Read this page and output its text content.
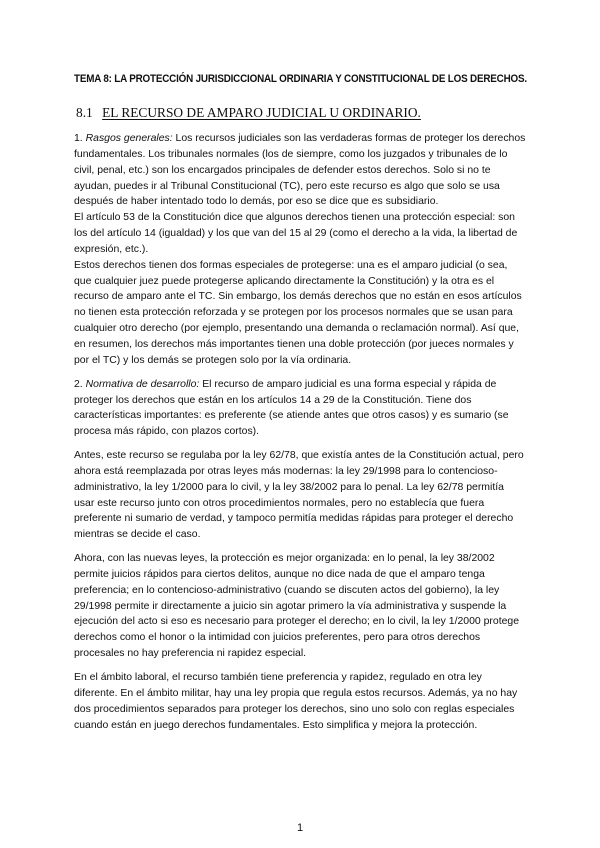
TEMA 8: LA PROTECCIÓN JURISDICCIONAL ORDINARIA Y CONSTITUCIONAL DE LOS DERECHOS.
8.1 EL RECURSO DE AMPARO JUDICIAL U ORDINARIO.

1. Rasgos generales: Los recursos judiciales son las verdaderas formas de proteger los derechos fundamentales. Los tribunales normales (los de siempre, como los juzgados y tribunales de lo civil, penal, etc.) son los encargados principales de defender estos derechos. Solo si no te ayudan, puedes ir al Tribunal Constitucional (TC), pero este recurso es algo que solo se usa después de haber intentado todo lo demás, por eso se dice que es subsidiario.

El artículo 53 de la Constitución dice que algunos derechos tienen una protección especial: son los del artículo 14 (igualdad) y los que van del 15 al 29 (como el derecho a la vida, la libertad de expresión, etc.).

Estos derechos tienen dos formas especiales de protegerse: una es el amparo judicial (o sea, que cualquier juez puede protegerse aplicando directamente la Constitución) y la otra es el recurso de amparo ante el TC. Sin embargo, los demás derechos que no están en esos artículos no tienen esta protección reforzada y se protegen por los procesos normales que se usan para cualquier otro derecho (por ejemplo, presentando una demanda o reclamación normal). Así que, en resumen, los derechos más importantes tienen una doble protección (por jueces normales y por el TC) y los demás se protegen solo por la vía ordinaria.

2. Normativa de desarrollo: El recurso de amparo judicial es una forma especial y rápida de proteger los derechos que están en los artículos 14 a 29 de la Constitución. Tiene dos características importantes: es preferente (se atiende antes que otros casos) y es sumario (se procesa más rápido, con plazos cortos).

Antes, este recurso se regulaba por la ley 62/78, que existía antes de la Constitución actual, pero ahora está reemplazada por otras leyes más modernas: la ley 29/1998 para lo contencioso-administrativo, la ley 1/2000 para lo civil, y la ley 38/2002 para lo penal. La ley 62/78 permitía usar este recurso junto con otros procedimientos normales, pero no establecía que fuera preferente ni sumario de verdad, y tampoco permitía medidas rápidas para proteger el derecho mientras se decide el caso.

Ahora, con las nuevas leyes, la protección es mejor organizada: en lo penal, la ley 38/2002 permite juicios rápidos para ciertos delitos, aunque no dice nada de que el amparo tenga preferencia; en lo contencioso-administrativo (cuando se discuten actos del gobierno), la ley 29/1998 permite ir directamente a juicio sin agotar primero la vía administrativa y suspende la ejecución del acto si eso es necesario para proteger el derecho; en lo civil, la ley 1/2000 protege derechos como el honor o la intimidad con juicios preferentes, pero para otros derechos procesales no hay preferencia ni rapidez especial.

En el ámbito laboral, el recurso también tiene preferencia y rapidez, regulado en otra ley diferente. En el ámbito militar, hay una ley propia que regula estos recursos. Además, ya no hay dos procedimientos separados para proteger los derechos, sino uno solo con reglas especiales cuando están en juego derechos fundamentales. Esto simplifica y mejora la protección.

1
